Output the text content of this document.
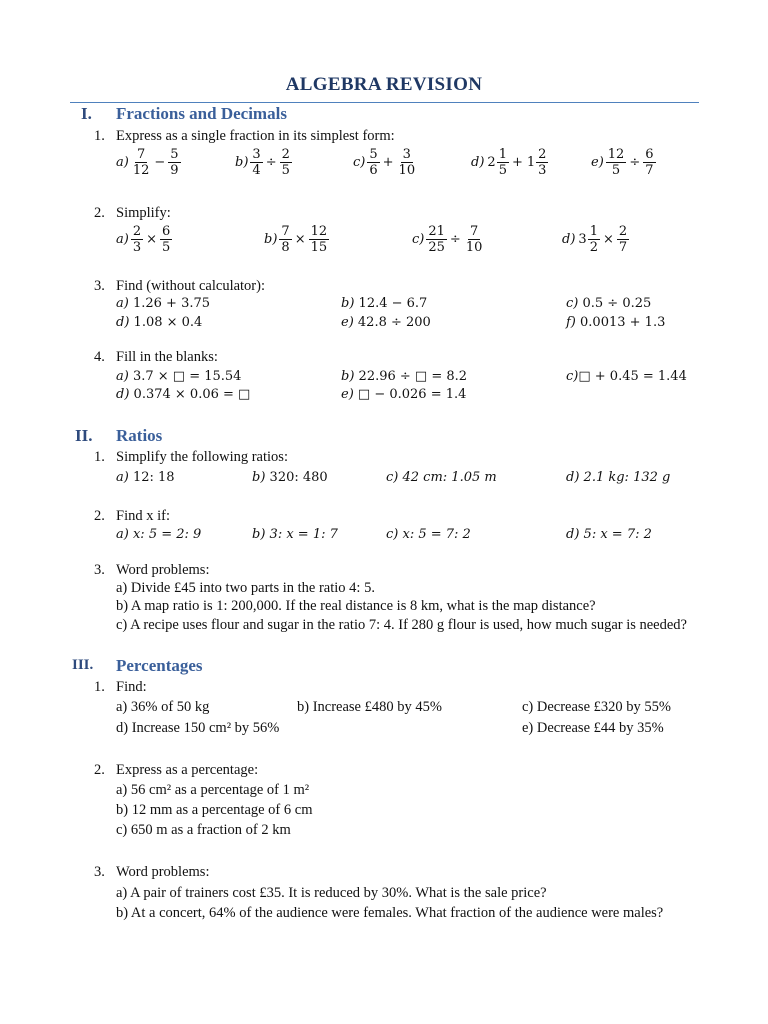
ALGEBRA REVISION
I. Fractions and Decimals
1. Express as a single fraction in its simplest form:
$a) \frac{7}{12} - \frac{5}{9}$	$b) \frac{3}{4} \div \frac{2}{5}$	$c) \frac{5}{6} + \frac{3}{10}$	d) $2 \frac{1}{5} + 1 \frac{2}{3}$	$e) \frac{12}{5} \div \frac{6}{7}$
2. Simplify:
$a) \frac{2}{3} \times \frac{6}{5}$	$b) \frac{7}{8} \times \frac{12}{15}$	$c) \frac{21}{25} \div \frac{7}{10}$	d) $3 \frac{1}{2} \times \frac{2}{7}$
3. Find (without calculator):
a) 1.26 + 3.75	b) 12.4 − 6.7	c) 0.5 ÷ 0.25
d) 1.08 × 0.4	e) 42.8 ÷ 200	f) 0.0013 + 1.3
4. Fill in the blanks:
a) 3.7 × □ = 15.54	b) 22.96 ÷ □ = 8.2	c)□ + 0.45 = 1.44
d) 0.374 × 0.06 = □	e) □ − 0.026 = 1.4
II. Ratios
1. Simplify the following ratios:
a) 12: 18	b) 320: 480	c) 42 cm: 1.05 m	d) 2.1 kg: 132 g
2. Find x if:
a) x: 5 = 2: 9	b) 3: x = 1: 7	c) x: 5 = 7: 2	d) 5: x = 7: 2
3. Word problems:
a) Divide £45 into two parts in the ratio 4: 5.
b) A map ratio is 1: 200,000. If the real distance is 8 km, what is the map distance?
c) A recipe uses flour and sugar in the ratio 7: 4. If 280 g flour is used, how much sugar is needed?
III. Percentages
1. Find:
a) 36% of 50 kg	b) Increase £480 by 45%	c) Decrease £320 by 55%
d) Increase 150 cm² by 56%	e) Decrease £44 by 35%
2. Express as a percentage:
a) 56 cm² as a percentage of 1 m²
b) 12 mm as a percentage of 6 cm
c) 650 m as a fraction of 2 km
3. Word problems:
a) A pair of trainers cost £35. It is reduced by 30%. What is the sale price?
b) At a concert, 64% of the audience were females. What fraction of the audience were males?
